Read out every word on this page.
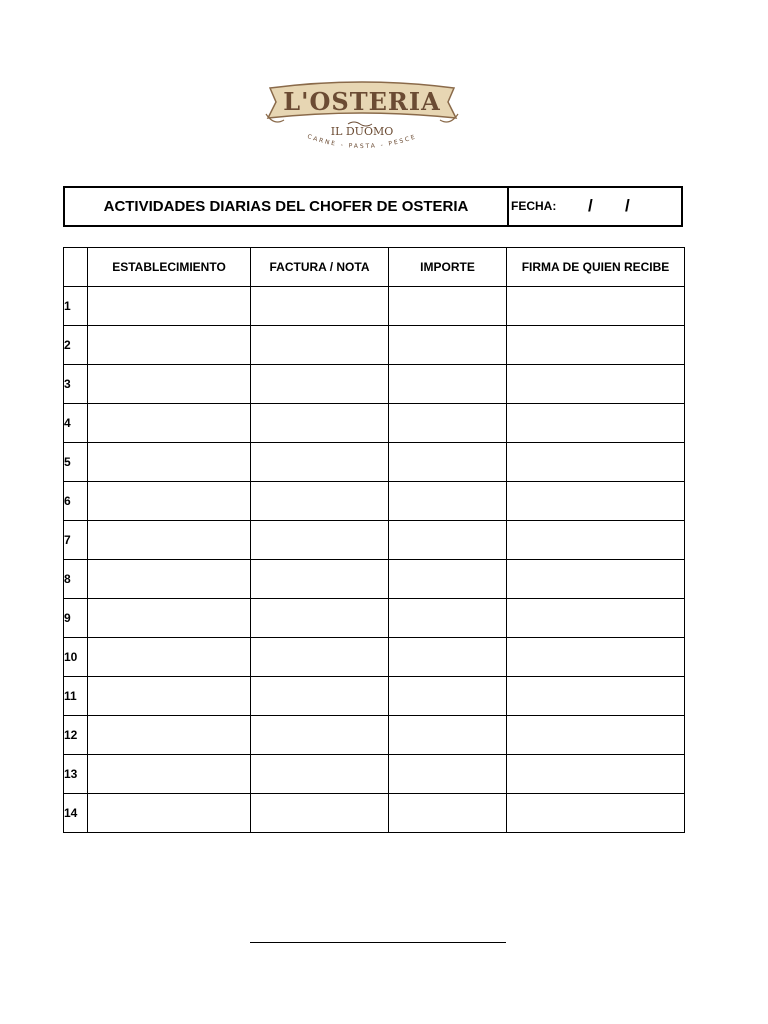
L'OSTERIA
IL DUOMO
CARNE - PASTA - PESCE
ACTIVIDADES DIARIAS DEL CHOFER DE OSTERIA	FECHA: / /
	ESTABLECIMIENTO	FACTURA / NOTA	IMPORTE	FIRMA DE QUIEN RECIBE
1				
2				
3				
4				
5				
6				
7				
8				
9				
10				
11				
12				
13				
14				
